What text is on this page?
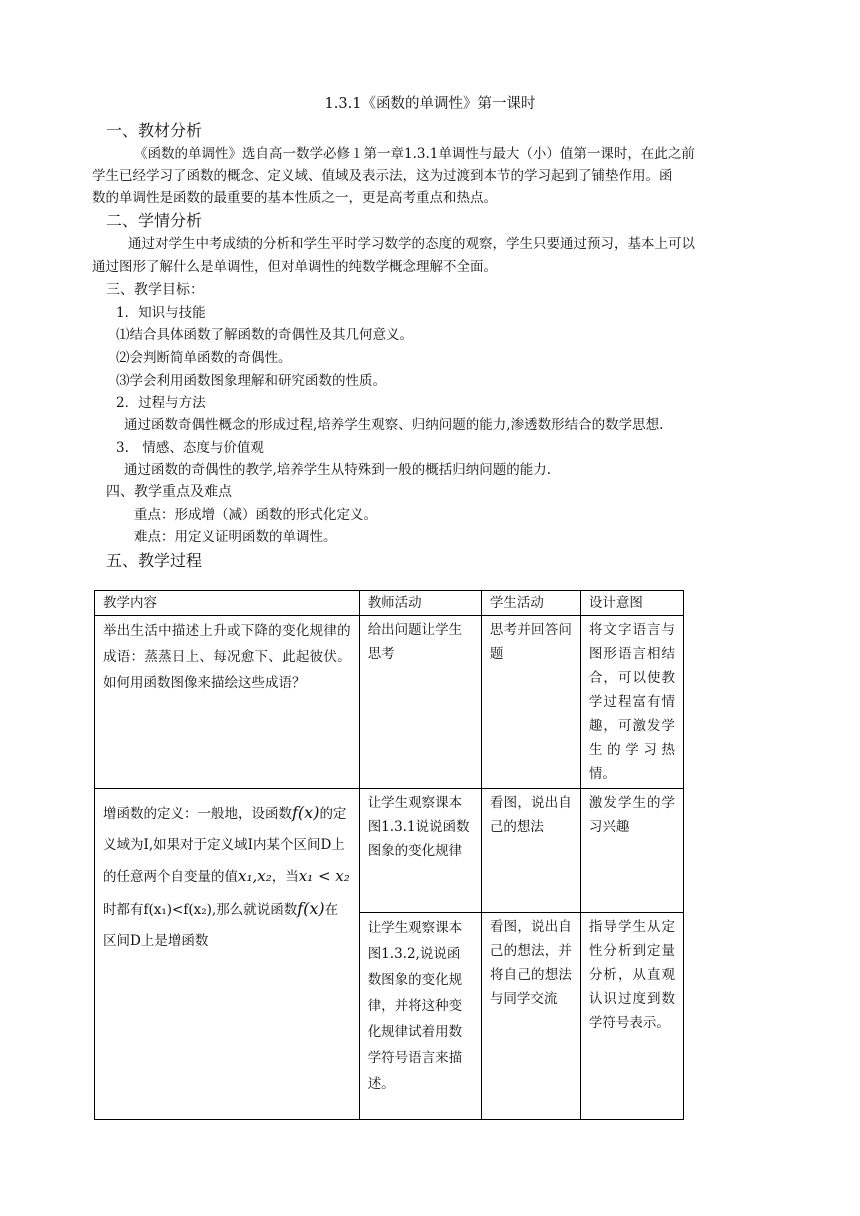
1.3.1《函数的单调性》第一课时
一、教材分析
《函数的单调性》选自高一数学必修１第一章1.3.1单调性与最大（小）值第一课时，在此之前
学生已经学习了函数的概念、定义域、值域及表示法，这为过渡到本节的学习起到了铺垫作用。函
数的单调性是函数的最重要的基本性质之一，更是高考重点和热点。
二、学情分析
通过对学生中考成绩的分析和学生平时学习数学的态度的观察，学生只要通过预习，基本上可以
通过图形了解什么是单调性，但对单调性的纯数学概念理解不全面。
三、教学目标：
1．知识与技能
⑴结合具体函数了解函数的奇偶性及其几何意义。
⑵会判断简单函数的奇偶性。
⑶学会利用函数图象理解和研究函数的性质。
2．过程与方法
通过函数奇偶性概念的形成过程,培养学生观察、归纳问题的能力,渗透数形结合的数学思想.
3.　情感、态度与价值观
通过函数的奇偶性的教学,培养学生从特殊到一般的概括归纳问题的能力.
四、教学重点及难点
重点：形成增（减）函数的形式化定义。
难点：用定义证明函数的单调性。
五、教学过程
教学内容	教师活动	学生活动	设计意图
举出生活中描述上升或下降的变化规律的成语：蒸蒸日上、每况愈下、此起彼伏。如何用函数图像来描绘这些成语？	给出问题让学生思考	思考并回答问题	将文字语言与图形语言相结合，可以使教学过程富有情趣，可激发学生的学习热情。
增函数的定义：一般地，设函数f(x)的定义域为I,如果对于定义域I内某个区间D上的任意两个自变量的值x₁,x₂，当x₁ < x₂时都有f(x₁)<f(x₂),那么就说函数f(x)在区间D上是增函数	让学生观察课本图1.3.1说说函数图象的变化规律	看图，说出自己的想法	激发学生的学习兴趣
	让学生观察课本图1.3.2,说说函数图象的变化规律，并将这种变化规律试着用数学符号语言来描述。	看图，说出自己的想法，并将自己的想法与同学交流	指导学生从定性分析到定量分析，从直观认识过度到数学符号表示。
